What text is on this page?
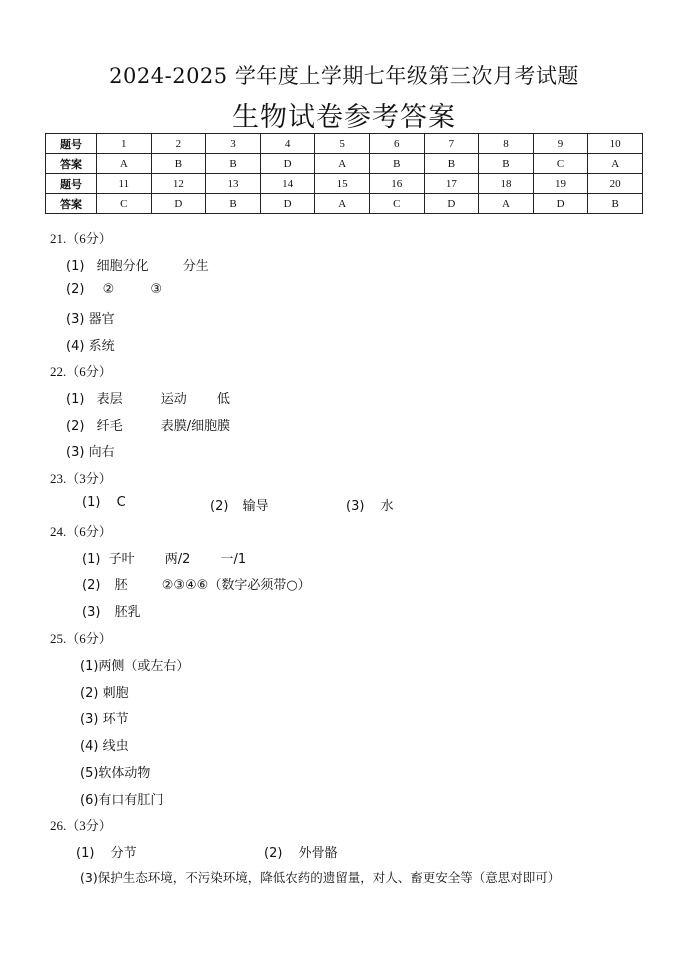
2024-2025 学年度上学期七年级第三次月考试题
生物试卷参考答案
题号	1	2	3	4	5	6	7	8	9	10
答案	A	B	B	D	A	B	B	B	C	A
题号	11	12	13	14	15	16	17	18	19	20
答案	C	D	B	D	A	C	D	A	D	B
21.（6分）
(1) 细胞分化	分生
(2) ②	③
(3) 器官
(4) 系统
22.（6分）
(1) 表层	运动 低
(2) 纤毛	表膜/细胞膜
(3) 向右
23.（3分）
(1) C	(2) 输导	(3) 水
24.（6分）
(1) 子叶 两/2 一/1
(2) 胚	②③④⑥（数字必须带○）
(3) 胚乳
25.（6分）
(1)两侧（或左右）
(2) 刺胞
(3) 环节
(4) 线虫
(5)软体动物
(6)有口有肛门
26.（3分）
(1) 分节	(2) 外骨骼
(3)保护生态环境，不污染环境，降低农药的遗留量，对人、畜更安全等（意思对即可）
